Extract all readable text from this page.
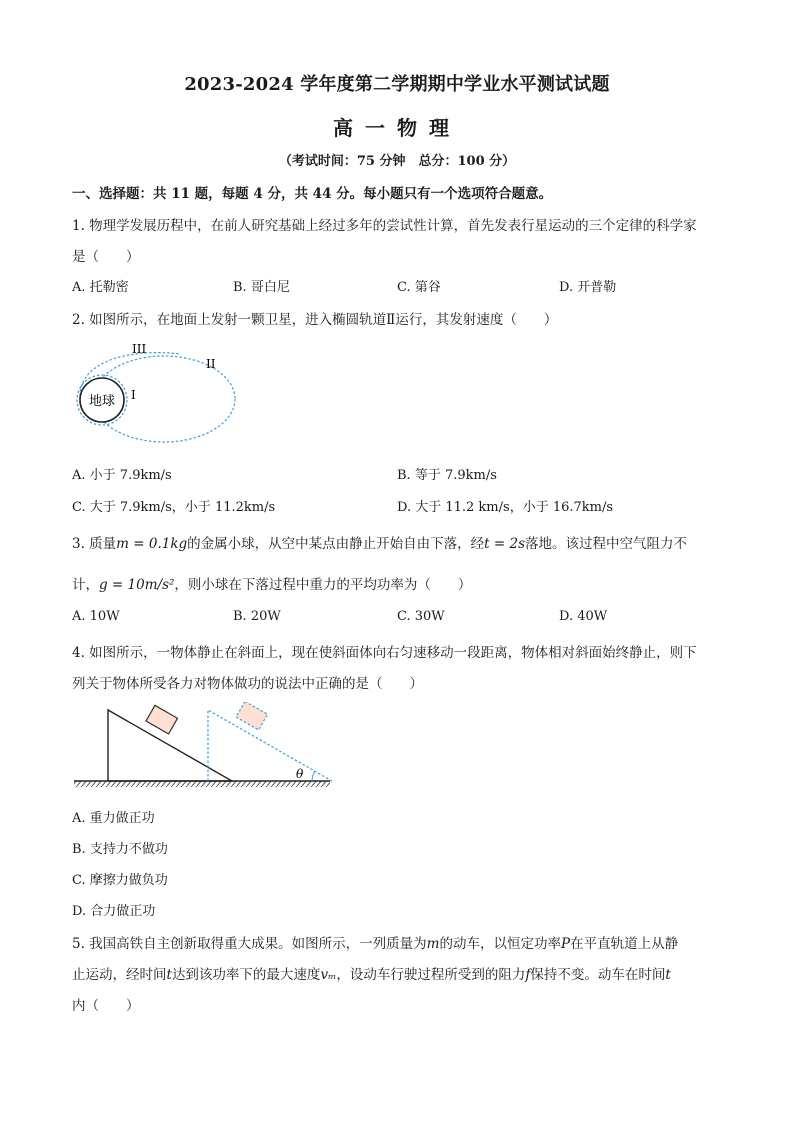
2023-2024 学年度第二学期期中学业水平测试试题
高一物理
（考试时间：75 分钟　总分：100 分）
一、选择题：共 11 题，每题 4 分，共 44 分。每小题只有一个选项符合题意。
1. 物理学发展历程中，在前人研究基础上经过多年的尝试性计算，首先发表行星运动的三个定律的科学家
是（　　）
A. 托勒密	B. 哥白尼	C. 第谷	D. 开普勒
2. 如图所示，在地面上发射一颗卫星，进入椭圆轨道Ⅱ运行，其发射速度（　　）
地球
III
II
I
A. 小于 7.9km/s	B. 等于 7.9km/s
C. 大于 7.9km/s，小于 11.2km/s	D. 大于 11.2 km/s，小于 16.7km/s
3. 质量m = 0.1kg的金属小球，从空中某点由静止开始自由下落，经t = 2s落地。该过程中空气阻力不
计，g = 10m/s²，则小球在下落过程中重力的平均功率为（　　）
A. 10W	B. 20W	C. 30W	D. 40W
4. 如图所示，一物体静止在斜面上，现在使斜面体向右匀速移动一段距离，物体相对斜面始终静止，则下
列关于物体所受各力对物体做功的说法中正确的是（　　）
θ
A. 重力做正功
B. 支持力不做功
C. 摩擦力做负功
D. 合力做正功
5. 我国高铁自主创新取得重大成果。如图所示，一列质量为m的动车，以恒定功率P在平直轨道上从静
止运动，经时间t达到该功率下的最大速度vₘ，设动车行驶过程所受到的阻力f保持不变。动车在时间t
内（　　）
